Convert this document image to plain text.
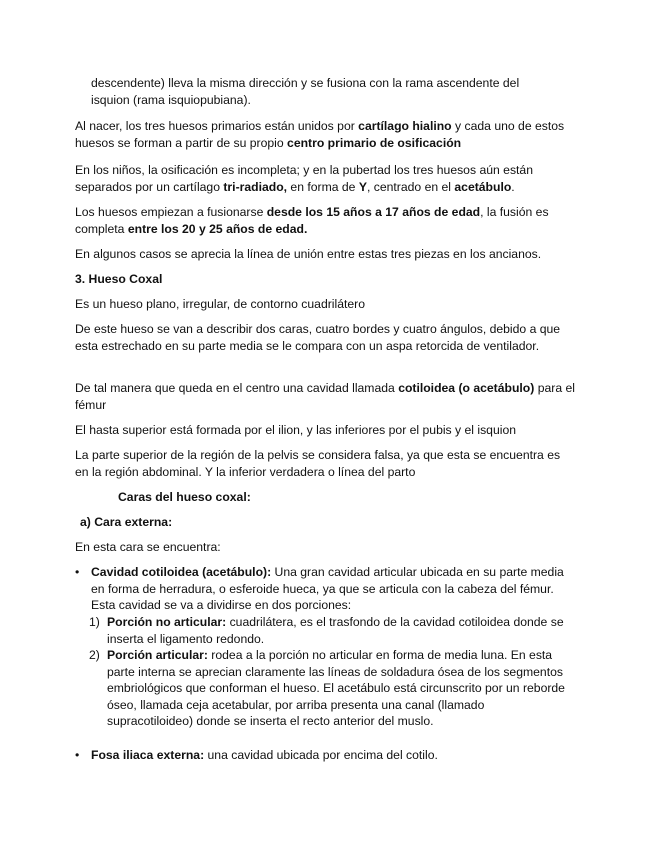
descendente) lleva la misma dirección y se fusiona con la rama ascendente del isquion (rama isquiopubiana).

Al nacer, los tres huesos primarios están unidos por cartílago hialino y cada uno de estos huesos se forman a partir de su propio centro primario de osificación

En los niños, la osificación es incompleta; y en la pubertad los tres huesos aún están separados por un cartílago tri-radiado, en forma de Y, centrado en el acetábulo.

Los huesos empiezan a fusionarse desde los 15 años a 17 años de edad, la fusión es completa entre los 20 y 25 años de edad.

En algunos casos se aprecia la línea de unión entre estas tres piezas en los ancianos.

3. Hueso Coxal

Es un hueso plano, irregular, de contorno cuadrilátero

De este hueso se van a describir dos caras, cuatro bordes y cuatro ángulos, debido a que esta estrechado en su parte media se le compara con un aspa retorcida de ventilador.

De tal manera que queda en el centro una cavidad llamada cotiloidea (o acetábulo) para el fémur

El hasta superior está formada por el ilion, y las inferiores por el pubis y el isquion

La parte superior de la región de la pelvis se considera falsa, ya que esta se encuentra es en la región abdominal. Y la inferior verdadera o línea del parto

Caras del hueso coxal:

a) Cara externa:

En esta cara se encuentra:

• Cavidad cotiloidea (acetábulo): Una gran cavidad articular ubicada en su parte media en forma de herradura, o esferoide hueca, ya que se articula con la cabeza del fémur. Esta cavidad se va a dividirse en dos porciones:

1) Porción no articular: cuadrilátera, es el trasfondo de la cavidad cotiloidea donde se inserta el ligamento redondo.

2) Porción articular: rodea a la porción no articular en forma de media luna. En esta parte interna se aprecian claramente las líneas de soldadura ósea de los segmentos embriológicos que conforman el hueso. El acetábulo está circunscrito por un reborde óseo, llamada ceja acetabular, por arriba presenta una canal (llamado supracotiloideo) donde se inserta el recto anterior del muslo.

• Fosa iliaca externa: una cavidad ubicada por encima del cotilo.
